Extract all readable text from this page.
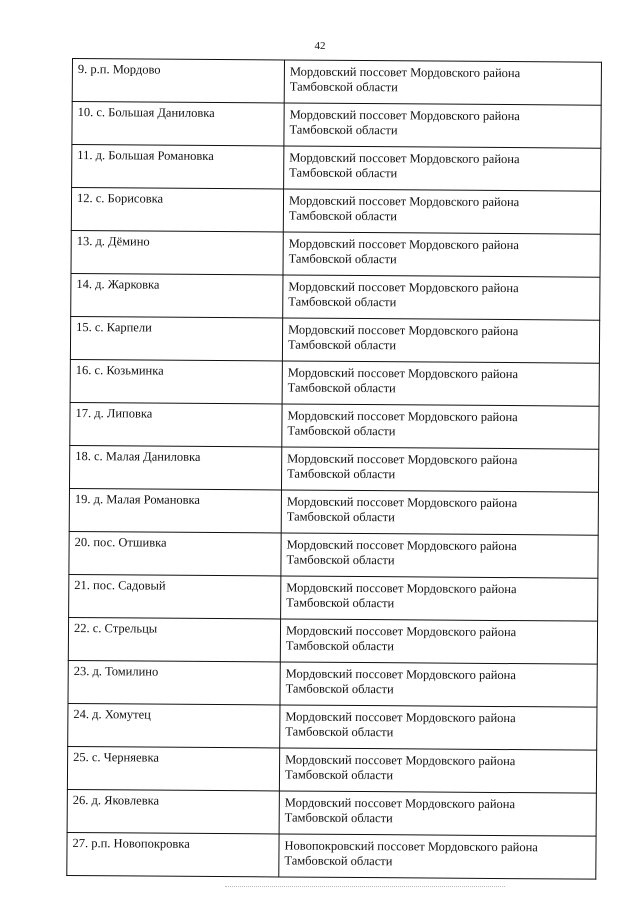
42
9. р.п. Мордово	Мордовский поссовет Мордовского района
Тамбовской области

10. с. Большая Даниловка	Мордовский поссовет Мордовского района
Тамбовской области

11. д. Большая Романовка	Мордовский поссовет Мордовского района
Тамбовской области

12. с. Борисовка	Мордовский поссовет Мордовского района
Тамбовской области

13. д. Дёмино	Мордовский поссовет Мордовского района
Тамбовской области

14. д. Жарковка	Мордовский поссовет Мордовского района
Тамбовской области

15. с. Карпели	Мордовский поссовет Мордовского района
Тамбовской области

16. с. Козьминка	Мордовский поссовет Мордовского района
Тамбовской области

17. д. Липовка	Мордовский поссовет Мордовского района
Тамбовской области

18. с. Малая Даниловка	Мордовский поссовет Мордовского района
Тамбовской области

19. д. Малая Романовка	Мордовский поссовет Мордовского района
Тамбовской области

20. пос. Отшивка	Мордовский поссовет Мордовского района
Тамбовской области

21. пос. Садовый	Мордовский поссовет Мордовского района
Тамбовской области

22. с. Стрельцы	Мордовский поссовет Мордовского района
Тамбовской области

23. д. Томилино	Мордовский поссовет Мордовского района
Тамбовской области

24. д. Хомутец	Мордовский поссовет Мордовского района
Тамбовской области

25. с. Черняевка	Мордовский поссовет Мордовского района
Тамбовской области

26. д. Яковлевка	Мордовский поссовет Мордовского района
Тамбовской области

27. р.п. Новопокровка	Новопокровский поссовет Мордовского района
Тамбовской области
